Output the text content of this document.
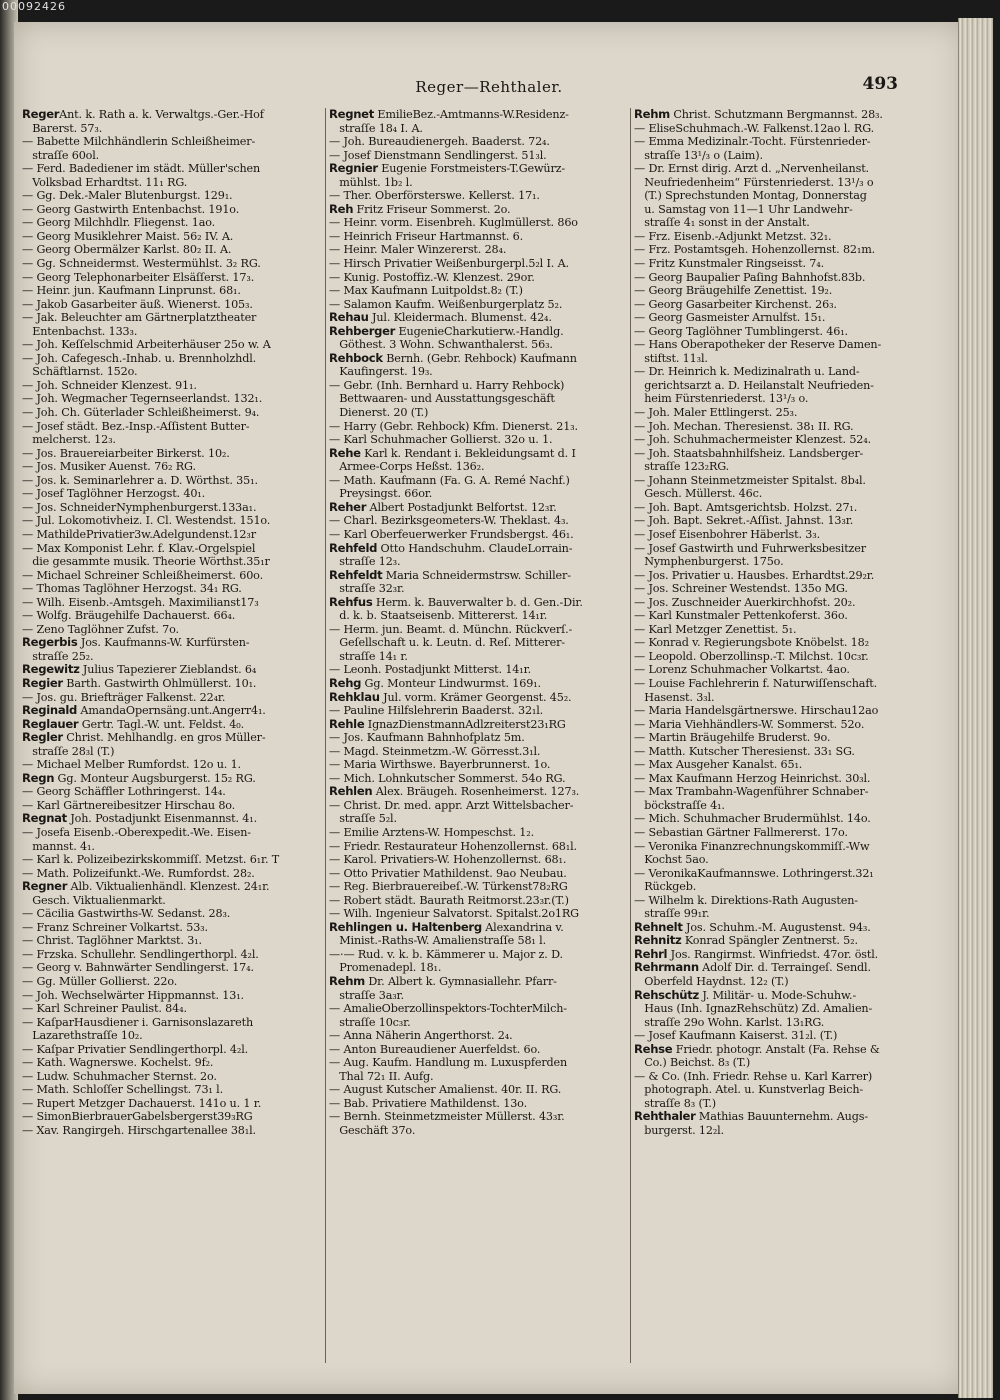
00092426
Reger—Rehthaler.	493
RegerAnt. k. Rath a. k. Verwaltgs.-Ger.-Hof
Barerst. 57₃.
— Babette Milchhändlerin Schleißheimer-
straſſe 60ol.
— Ferd. Badediener im städt. Müller'schen
Volksbad Erhardtst. 11₁ RG.
— Gg. Dek.-Maler Blutenburgst. 129₁.
— Georg Gastwirth Entenbachst. 191o.
— Georg Milchhdlr. Fliegenst. 1ao.
— Georg Musiklehrer Maist. 56₂ IV. A.
— Georg Obermälzer Karlst. 80₂ II. A.
— Gg. Schneidermst. Westermühlst. 3₂ RG.
— Georg Telephonarbeiter Elsäſſerst. 17₃.
— Heinr. jun. Kaufmann Linprunst. 68₁.
— Jakob Gasarbeiter äuß. Wienerst. 105₃.
— Jak. Beleuchter am Gärtnerplatztheater
Entenbachst. 133₃.
— Joh. Keſſelschmid Arbeiterhäuser 25o w. A
— Joh. Cafegesch.-Inhab. u. Brennholzhdl.
Schäftlarnst. 152o.
— Joh. Schneider Klenzest. 91₁.
— Joh. Wegmacher Tegernseerlandst. 132₁.
— Joh. Ch. Güterlader Schleißheimerst. 9₄.
— Josef städt. Bez.-Insp.-Aſſistent Butter-
melcherst. 12₃.
— Jos. Brauereiarbeiter Birkerst. 10₂.
— Jos. Musiker Auenst. 76₂ RG.
— Jos. k. Seminarlehrer a. D. Wörthst. 35₁.
— Josef Taglöhner Herzogst. 40₁.
— Jos. SchneiderNymphenburgerst.133a₁.
— Jul. Lokomotivheiz. I. Cl. Westendst. 151o.
— MathildePrivatier3w.Adelgundenst.12₃r
— Max Komponist Lehr. f. Klav.-Orgelspiel
die gesammte musik. Theorie Wörthst.35₁r
— Michael Schreiner Schleißheimerst. 60o.
— Thomas Taglöhner Herzogst. 34₁ RG.
— Wilh. Eisenb.-Amtsgeh. Maximilianst17₃
— Wolfg. Bräugehilfe Dachauerst. 66₄.
— Zeno Taglöhner Zufst. 7o.
Regerbis Jos. Kaufmanns-W. Kurfürsten-
straſſe 25₂.
Regewitz Julius Tapezierer Zieblandst. 6₄
Regier Barth. Gastwirth Ohlmüllerst. 10₁.
— Jos. gu. Briefträger Falkenst. 22₄r.
Reginald AmandaOpernsäng.unt.Angerr4₁.
Reglauer Gertr. Tagl.-W. unt. Feldst. 4₀.
Regler Christ. Mehlhandlg. en gros Müller-
straſſe 28₃l (T.)
— Michael Melber Rumfordst. 12o u. 1.
Regn Gg. Monteur Augsburgerst. 15₂ RG.
— Georg Schäffler Lothringerst. 14₄.
— Karl Gärtnereibesitzer Hirschau 8o.
Regnat Joh. Postadjunkt Eisenmannst. 4₁.
— Josefa Eisenb.-Oberexpedit.-We. Eisen-
mannst. 4₁.
— Karl k. Polizeibezirkskommiſſ. Metzst. 6₁r. T
— Math. Polizeifunkt.-We. Rumfordst. 28₂.
Regner Alb. Viktualienhändl. Klenzest. 24₁r.
Gesch. Viktualienmarkt.
— Cäcilia Gastwirths-W. Sedanst. 28₃.
— Franz Schreiner Volkartst. 53₃.
— Christ. Taglöhner Marktst. 3₁.
— Frzska. Schullehr. Sendlingerthorpl. 4₂l.
— Georg v. Bahnwärter Sendlingerst. 17₄.
— Gg. Müller Gollierst. 22o.
— Joh. Wechselwärter Hippmannst. 13₁.
— Karl Schreiner Paulist. 84₄.
— KaſparHausdiener i. Garnisonslazareth
Lazarethstraſſe 10₂.
— Kaſpar Privatier Sendlingerthorpl. 4₂l.
— Kath. Wagnerswe. Kochelst. 9f₂.
— Ludw. Schuhmacher Sternst. 2o.
— Math. Schloſſer Schellingst. 73₁ l.
— Rupert Metzger Dachauerst. 141o u. 1 r.
— SimonBierbrauerGabelsbergerst39₃RG
— Xav. Rangirgeh. Hirschgartenallee 38₁l.
Regnet EmilieBez.-Amtmanns-W.Residenz-
straſſe 18₄ I. A.
— Joh. Bureaudienergeh. Baaderst. 72₄.
— Josef Dienstmann Sendlingerst. 51₃l.
Regnier Eugenie Forstmeisters-T.Gewürz-
mühlst. 1b₂ l.
— Ther. Oberförsterswe. Kellerst. 17₁.
Reh Fritz Friseur Sommerst. 2o.
— Heinr. vorm. Eisenbreh. Kuglmüllerst. 86o
— Heinrich Friseur Hartmannst. 6.
— Heinr. Maler Winzererst. 28₄.
— Hirsch Privatier Weißenburgerpl.5₂l I. A.
— Kunig. Postoffiz.-W. Klenzest. 29or.
— Max Kaufmann Luitpoldst.8₂ (T.)
— Salamon Kaufm. Weißenburgerplatz 5₂.
Rehau Jul. Kleidermach. Blumenst. 42₄.
Rehberger EugenieCharkutierw.-Handlg.
Göthest. 3 Wohn. Schwanthalerst. 56₃.
Rehbock Bernh. (Gebr. Rehbock) Kaufmann
Kaufingerst. 19₃.
— Gebr. (Inh. Bernhard u. Harry Rehbock)
Bettwaaren- und Ausstattungsgeschäft
Dienerst. 20 (T.)
— Harry (Gebr. Rehbock) Kfm. Dienerst. 21₃.
— Karl Schuhmacher Gollierst. 32o u. 1.
Rehe Karl k. Rendant i. Bekleidungsamt d. I
Armee-Corps Heßst. 136₂.
— Math. Kaufmann (Fa. G. A. Remé Nachf.)
Preysingst. 66or.
Reher Albert Postadjunkt Belfortst. 12₃r.
— Charl. Bezirksgeometers-W. Theklast. 4₃.
— Karl Oberfeuerwerker Frundsbergst. 46₁.
Rehfeld Otto Handschuhm. ClaudeLorrain-
straſſe 12₃.
Rehfeldt Maria Schneidermstrsw. Schiller-
straſſe 32₃r.
Rehfus Herm. k. Bauverwalter b. d. Gen.-Dir.
d. k. b. Staatseisenb. Mittererst. 14₁r.
— Herm. jun. Beamt. d. Münchn. Rückverſ.-
Geſellschaft u. k. Leutn. d. Reſ. Mitterer-
straſſe 14₁ r.
— Leonh. Postadjunkt Mitterst. 14₁r.
Rehg Gg. Monteur Lindwurmst. 169₁.
Rehklau Jul. vorm. Krämer Georgenst. 45₂.
— Pauline Hilfslehrerin Baaderst. 32₁l.
Rehle IgnazDienstmannAdlzreiterst23₁RG
— Jos. Kaufmann Bahnhofplatz 5m.
— Magd. Steinmetzm.-W. Görresst.3₁l.
— Maria Wirthswe. Bayerbrunnerst. 1o.
— Mich. Lohnkutscher Sommerst. 54o RG.
Rehlen Alex. Bräugeh. Rosenheimerst. 127₃.
— Christ. Dr. med. appr. Arzt Wittelsbacher-
straſſe 5₂l.
— Emilie Arztens-W. Hompeschst. 1₂.
— Friedr. Restaurateur Hohenzollernst. 68₁l.
— Karol. Privatiers-W. Hohenzollernst. 68₁.
— Otto Privatier Mathildenst. 9ao Neubau.
— Reg. Bierbrauereibeſ.-W. Türkenst78₂RG
— Robert städt. Baurath Reitmorst.23₃r.(T.)
— Wilh. Ingenieur Salvatorst. Spitalst.2o1RG
Rehlingen u. Haltenberg Alexandrina v.
Minist.-Raths-W. Amalienstraſſe 58₁ l.
—·— Rud. v. k. b. Kämmerer u. Major z. D.
Promenadepl. 18₁.
Rehm Dr. Albert k. Gymnasiallehr. Pfarr-
straſſe 3a₃r.
— AmalieOberzollinspektors-TochterMilch-
straſſe 10c₃r.
— Anna Näherin Angerthorst. 2₄.
— Anton Bureaudiener Auerfeldst. 6o.
— Aug. Kaufm. Handlung m. Luxuspferden
Thal 72₁ II. Aufg.
— August Kutscher Amalienst. 40r. II. RG.
— Bab. Privatiere Mathildenst. 13o.
— Bernh. Steinmetzmeister Müllerst. 43₃r.
Geschäft 37o.
Rehm Christ. Schutzmann Bergmannst. 28₃.
— EliseSchuhmach.-W. Falkenst.12ao l. RG.
— Emma Medizinalr.-Tocht. Fürstenrieder-
straſſe 13¹/₃ o (Laim).
— Dr. Ernst dirig. Arzt d. „Nervenheilanst.
Neufriedenheim“ Fürstenriederst. 13¹/₃ o
(T.) Sprechstunden Montag, Donnerstag
u. Samstag von 11—1 Uhr Landwehr-
straſſe 4₁ sonst in der Anstalt.
— Frz. Eisenb.-Adjunkt Metzst. 32₁.
— Frz. Postamtsgeh. Hohenzollernst. 82₁m.
— Fritz Kunstmaler Ringseisst. 7₄.
— Georg Baupalier Paſing Bahnhofst.83b.
— Georg Bräugehilfe Zenettist. 19₂.
— Georg Gasarbeiter Kirchenst. 26₃.
— Georg Gasmeister Arnulfst. 15₁.
— Georg Taglöhner Tumblingerst. 46₁.
— Hans Oberapotheker der Reserve Damen-
stiftst. 11₃l.
— Dr. Heinrich k. Medizinalrath u. Land-
gerichtsarzt a. D. Heilanstalt Neufrieden-
heim Fürstenriederst. 13¹/₃ o.
— Joh. Maler Ettlingerst. 25₃.
— Joh. Mechan. Theresienst. 38₁ II. RG.
— Joh. Schuhmachermeister Klenzest. 52₄.
— Joh. Staatsbahnhilfsheiz. Landsberger-
straſſe 123₂RG.
— Johann Steinmetzmeister Spitalst. 8b₄l.
Gesch. Müllerst. 46c.
— Joh. Bapt. Amtsgerichtsb. Holzst. 27₁.
— Joh. Bapt. Sekret.-Aſſist. Jahnst. 13₃r.
— Josef Eisenbohrer Häberlst. 3₃.
— Josef Gastwirth und Fuhrwerksbesitzer
Nymphenburgerst. 175o.
— Jos. Privatier u. Hausbes. Erhardtst.29₂r.
— Jos. Schreiner Westendst. 135o MG.
— Jos. Zuschneider Auerkirchhofst. 20₂.
— Karl Kunstmaler Pettenkoferst. 36o.
— Karl Metzger Zenettist. 5₁.
— Konrad v. Regierungsbote Knöbelst. 18₂
— Leopold. Oberzollinsp.-T. Milchst. 10c₃r.
— Lorenz Schuhmacher Volkartst. 4ao.
— Louise Fachlehrerin f. Naturwiſſenschaft.
Hasenst. 3₃l.
— Maria Handelsgärtnerswe. Hirschau12ao
— Maria Viehhändlers-W. Sommerst. 52o.
— Martin Bräugehilfe Bruderst. 9o.
— Matth. Kutscher Theresienst. 33₁ SG.
— Max Ausgeher Kanalst. 65₁.
— Max Kaufmann Herzog Heinrichst. 30₃l.
— Max Trambahn-Wagenführer Schnaber-
böckstraſſe 4₁.
— Mich. Schuhmacher Brudermühlst. 14o.
— Sebastian Gärtner Fallmererst. 17o.
— Veronika Finanzrechnungskommiſſ.-Ww
Kochst 5ao.
— VeronikaKaufmannswe. Lothringerst.32₁
Rückgeb.
— Wilhelm k. Direktions-Rath Augusten-
straſſe 99₁r.
Rehnelt Jos. Schuhm.-M. Augustenst. 94₃.
Rehnitz Konrad Spängler Zentnerst. 5₂.
Rehrl Jos. Rangirmst. Winfriedst. 47or. östl.
Rehrmann Adolf Dir. d. Terraingeſ. Sendl.
Oberfeld Haydnst. 12₂ (T.)
Rehschütz J. Militär- u. Mode-Schuhw.-
Haus (Inh. IgnazRehschütz) Zd. Amalien-
straſſe 29o Wohn. Karlst. 13₁RG.
— Josef Kaufmann Kaiserst. 31₂l. (T.)
Rehse Friedr. photogr. Anstalt (Fa. Rehse &
Co.) Beichst. 8₃ (T.)
— & Co. (Inh. Friedr. Rehse u. Karl Karrer)
photograph. Atel. u. Kunstverlag Beich-
straſſe 8₃ (T.)
Rehthaler Mathias Bauunternehm. Augs-
burgerst. 12₂l.
